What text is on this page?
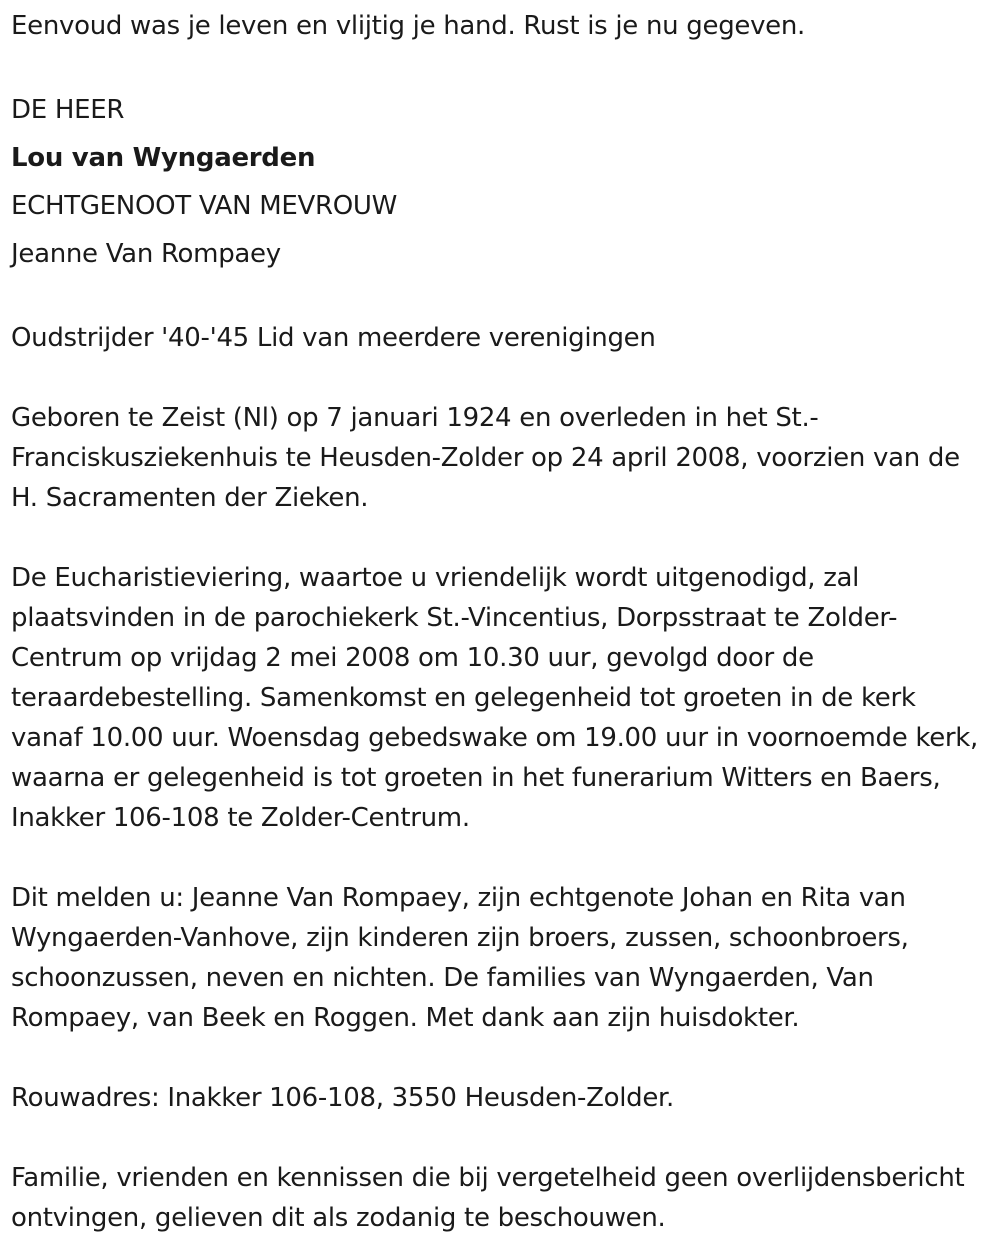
Eenvoud was je leven en vlijtig je hand. Rust is je nu gegeven.

DE HEER

Lou van Wyngaerden

ECHTGENOOT VAN MEVROUW

Jeanne Van Rompaey

Oudstrijder '40-'45 Lid van meerdere verenigingen

Geboren te Zeist (Nl) op 7 januari 1924 en overleden in het St.-Franciskusziekenhuis te Heusden-Zolder op 24 april 2008, voorzien van de H. Sacramenten der Zieken.

De Eucharistieviering, waartoe u vriendelijk wordt uitgenodigd, zal plaatsvinden in de parochiekerk St.-Vincentius, Dorpsstraat te Zolder-Centrum op vrijdag 2 mei 2008 om 10.30 uur, gevolgd door de teraardebestelling. Samenkomst en gelegenheid tot groeten in de kerk vanaf 10.00 uur. Woensdag gebedswake om 19.00 uur in voornoemde kerk, waarna er gelegenheid is tot groeten in het funerarium Witters en Baers, Inakker 106-108 te Zolder-Centrum.

Dit melden u: Jeanne Van Rompaey, zijn echtgenote Johan en Rita van Wyngaerden-Vanhove, zijn kinderen zijn broers, zussen, schoonbroers, schoonzussen, neven en nichten. De families van Wyngaerden, Van Rompaey, van Beek en Roggen. Met dank aan zijn huisdokter.

Rouwadres: Inakker 106-108, 3550 Heusden-Zolder.

Familie, vrienden en kennissen die bij vergetelheid geen overlijdensbericht ontvingen, gelieven dit als zodanig te beschouwen.
